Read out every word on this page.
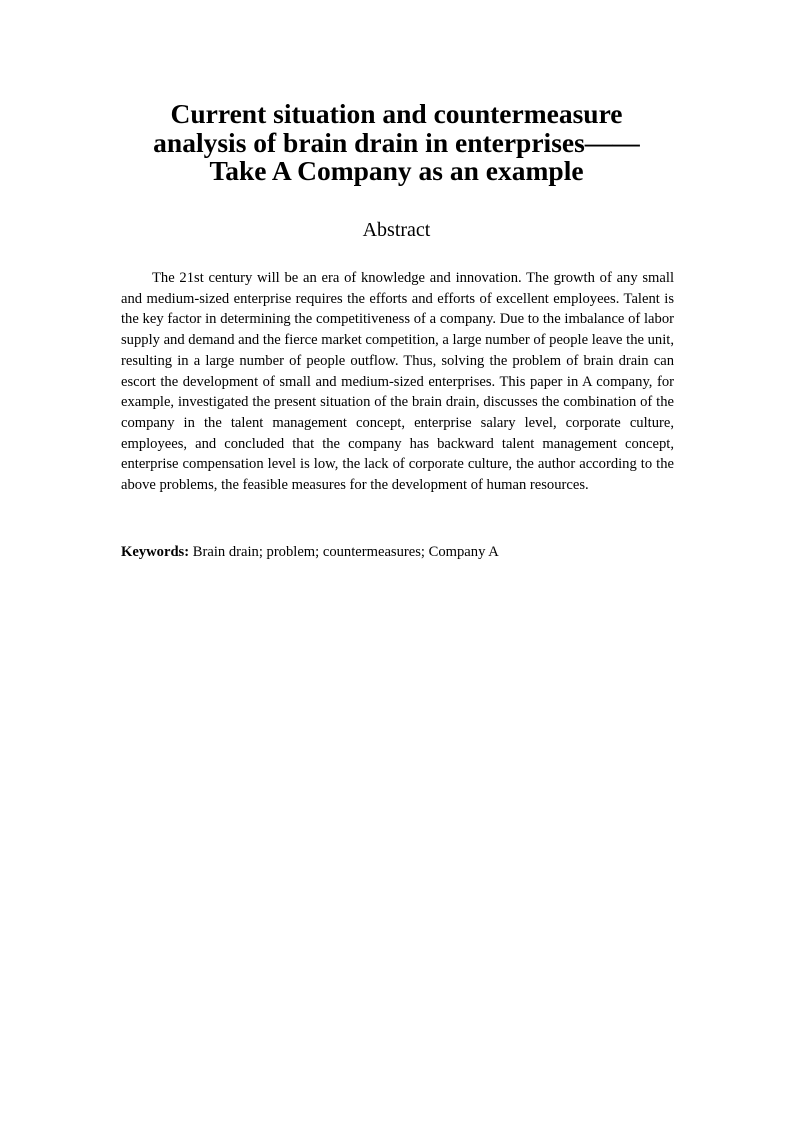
Current situation and countermeasure
analysis of brain drain in enterprises——
Take A Company as an example
Abstract

The 21st century will be an era of knowledge and innovation. The growth of any small and medium-sized enterprise requires the efforts and efforts of excellent employees. Talent is the key factor in determining the competitiveness of a company. Due to the imbalance of labor supply and demand and the fierce market competition, a large number of people leave the unit, resulting in a large number of people outflow. Thus, solving the problem of brain drain can escort the development of small and medium-sized enterprises. This paper in A company, for example, investigated the present situation of the brain drain, discusses the combination of the company in the talent management concept, enterprise salary level, corporate culture, employees, and concluded that the company has backward talent management concept, enterprise compensation level is low, the lack of corporate culture, the author according to the above problems, the feasible measures for the development of human resources.

Keywords: Brain drain; problem; countermeasures; Company A
